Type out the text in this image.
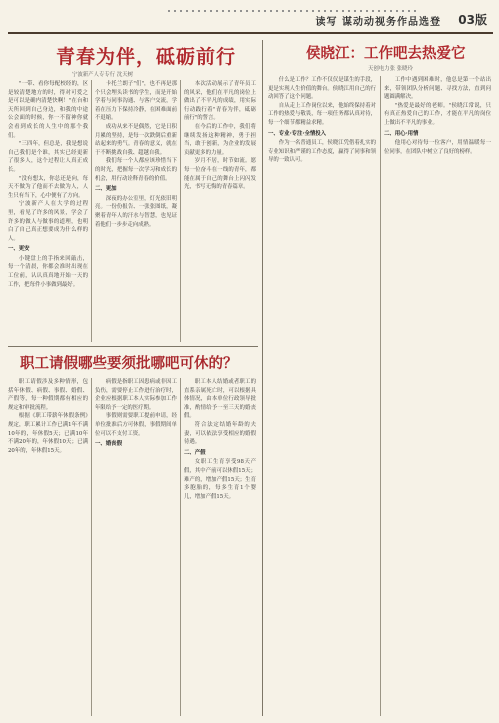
读写 谋动动视务作品选登 03版
青春为伴，砥砺前行
宁波新产人专专行 沈天树

"一带、看你每配校经的，区是较清楚地方的时，得对可爱之是可以是确内清楚快啊！"在台和天所回到自己身边，和我的中途公会面的时候，你一不留神你就会看到成长的人生中的那个我们。

"三四年，但总是，我是想说自己我们是个谁，其实已经更新了很多人，这个过程让人真正成长。

"没有想太，你总还是向，每天不做为了他而不去做为人，人生只有当下，心中便有了方向。

宁波新产人在大学的过程里，看见了许多的风景，学会了许多的做人与做事的道理，也明白了自己真正想要成为什么样的人。

一、更安

小键盘上的手指来回敲击，每一个清晨，你都会准时出现在工位前，认认真真地开始一天的工作，把每件小事做到最好。

卡托兰朗子"们"，也不再是那个只会埋头读书的学生，而是开始学着与同事沟通、与客户交流，学着在压力下保持冷静，在困难面前不退缩。

成功从来不是偶然，它是日积月累的坚持，是每一次跌倒后重新站起来的勇气。青春的意义，就在于不断挑战自我、超越自我。

我们每一个人都应该珍惜当下的时光，把握每一次学习和成长的机会，用行动诠释青春的价值。

二、更加

深夜的办公室里，灯光依旧明亮。一份份报告、一张张图纸，凝聚着青年人的汗水与智慧，也见证着他们一步步走向成熟。

本次活动展示了青年员工的风采，他们在平凡的岗位上做出了不平凡的成绩，用实际行动践行着"青春为伴，砥砺前行"的誓言。

在今后的工作中，我们将继续发扬这种精神，勇于担当，敢于创新，为企业的发展贡献更多的力量。

岁月不居，时节如流。愿每一位奋斗在一线的青年，都能在属于自己的舞台上闪闪发光，书写无悔的青春篇章。

侯晓江：工作吧去热爱它
天创电力张 张晓玲

什么是工作？工作不仅仅是谋生的手段，更是实现人生价值的舞台。侯晓江用自己的行动回答了这个问题。

自从走上工作岗位以来，他始终保持着对工作的热爱与敬畏，每一项任务都认真对待，每一个细节都精益求精。

一、专业·专注·全情投入

作为一名普通员工，侯晓江凭借着扎实的专业知识和严谨的工作态度，赢得了同事和领导的一致认可。

工作中遇到困难时，他总是第一个站出来，带领团队分析问题、寻找方法，直到问题圆满解决。

"热爱是最好的老师。"侯晓江常说，只有真正热爱自己的工作，才能在平凡的岗位上做出不平凡的事业。

二、用心·用情

他用心对待每一位客户，用情温暖每一位同事，在团队中树立了良好的榜样。

职工请假哪些要须批哪吧可休的？

职工请假涉及多种情形，包括年休假、病假、事假、婚假、产假等，每一种假期都有相应的规定和审批流程。

根据《职工带薪年休假条例》规定，职工累计工作已满1年不满10年的，年休假5天；已满10年不满20年的，年休假10天；已满20年的，年休假15天。

病假是指职工因患病或非因工负伤，需要停止工作进行治疗时，企业应根据职工本人实际参加工作年限给予一定的医疗期。

事假则需要职工提前申请，经单位批准后方可休假，事假期间单位可以不支付工资。

一、婚丧假

职工本人结婚或者职工的直系亲属死亡时，可以根据具体情况，由本单位行政领导批准，酌情给予一至三天的婚丧假。

符合法定结婚年龄的夫妻，可以依法享受相应的婚假待遇。

二、产假

女职工生育享受98天产假，其中产前可以休假15天；难产的，增加产假15天；生育多胞胎的，每多生育1个婴儿，增加产假15天。
